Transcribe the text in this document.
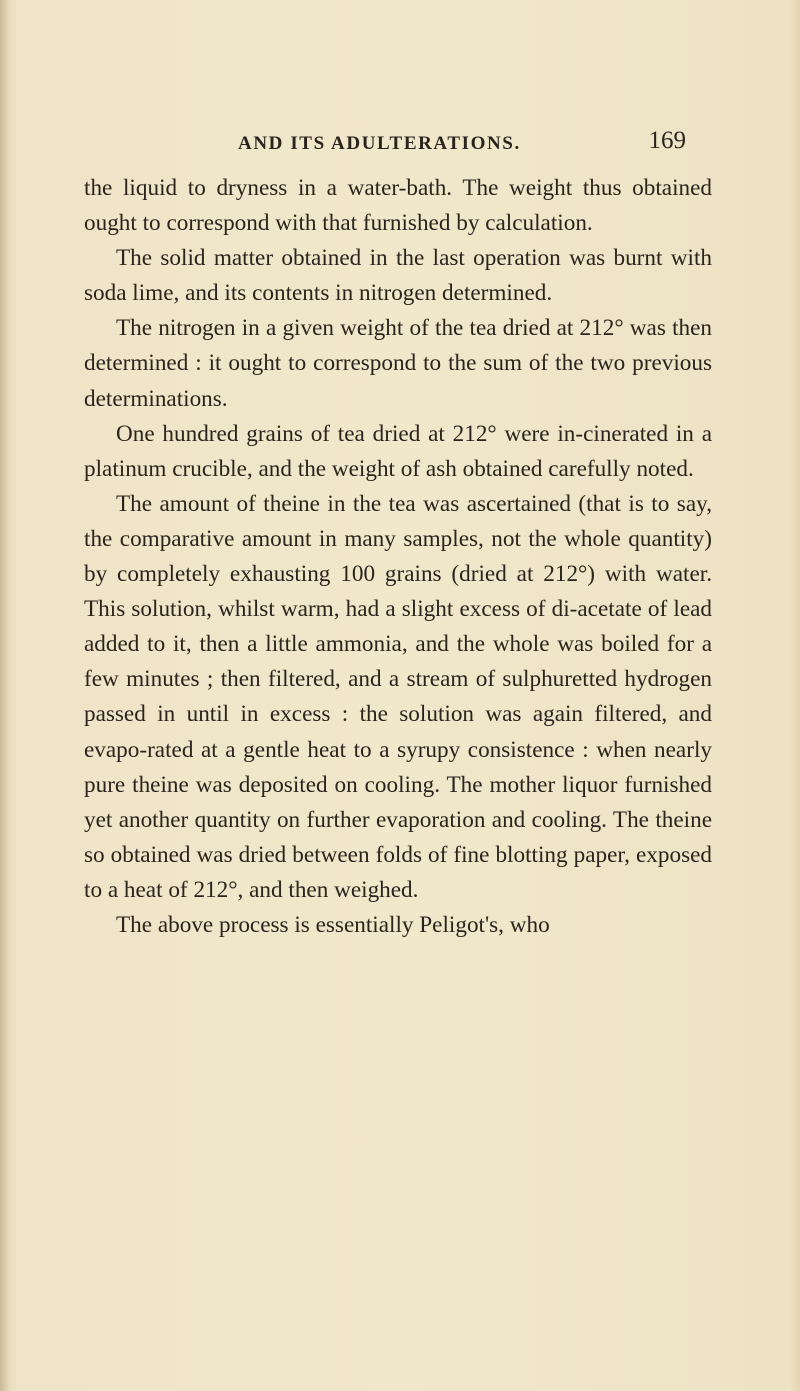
AND ITS ADULTERATIONS.	169

the liquid to dryness in a water-bath. The weight thus obtained ought to correspond with that furnished by calculation.

The solid matter obtained in the last operation was burnt with soda lime, and its contents in nitrogen determined.

The nitrogen in a given weight of the tea dried at 212° was then determined : it ought to correspond to the sum of the two previous determinations.

One hundred grains of tea dried at 212° were in-cinerated in a platinum crucible, and the weight of ash obtained carefully noted.

The amount of theine in the tea was ascertained (that is to say, the comparative amount in many samples, not the whole quantity) by completely exhausting 100 grains (dried at 212°) with water. This solution, whilst warm, had a slight excess of di-acetate of lead added to it, then a little ammonia, and the whole was boiled for a few minutes ; then filtered, and a stream of sulphuretted hydrogen passed in until in excess : the solution was again filtered, and evapo-rated at a gentle heat to a syrupy consistence : when nearly pure theine was deposited on cooling. The mother liquor furnished yet another quantity on further evaporation and cooling. The theine so obtained was dried between folds of fine blotting paper, exposed to a heat of 212°, and then weighed.

The above process is essentially Peligot's, who
